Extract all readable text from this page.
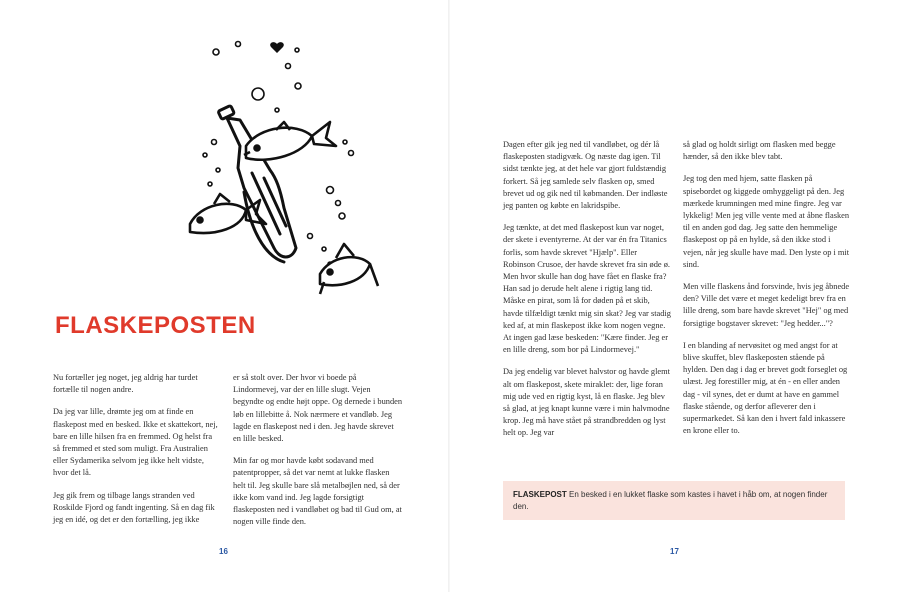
FLASKEPOSTEN

Nu fortæller jeg noget, jeg aldrig har turdet fortælle til nogen andre.

Da jeg var lille, drømte jeg om at finde en flaskepost med en besked. Ikke et skattekort, nej, bare en lille hilsen fra en fremmed. Og helst fra så fremmed et sted som muligt. Fra Australien eller Sydamerika selvom jeg ikke helt vidste, hvor det lå.

Jeg gik frem og tilbage langs stranden ved Roskilde Fjord og fandt ingenting. Så en dag fik jeg en idé, og det er den fortælling, jeg ikke

er så stolt over. Der hvor vi boede på Lindormevej, var der en lille slugt. Vejen begyndte og endte højt oppe. Og dernede i bunden løb en lillebitte å. Nok nærmere et vandløb. Jeg lagde en flaskepost ned i den. Jeg havde skrevet en lille besked.

Min far og mor havde købt sodavand med patentpropper, så det var nemt at lukke flasken helt til. Jeg skulle bare slå metalbøjlen ned, så der ikke kom vand ind. Jeg lagde forsigtigt flaskeposten ned i vandløbet og bad til Gud om, at nogen ville finde den.

16

Dagen efter gik jeg ned til vandløbet, og dér lå flaskeposten stadigvæk. Og næste dag igen. Til sidst tænkte jeg, at det hele var gjort fuldstændig forkert. Så jeg samlede selv flasken op, smed brevet ud og gik ned til købmanden. Der indløste jeg panten og købte en lakridspibe.

Jeg tænkte, at det med flaskepost kun var noget, der skete i eventyrerne. At der var én fra Titanics forlis, som havde skrevet "Hjælp". Eller Robinson Crusoe, der havde skrevet fra sin øde ø. Men hvor skulle han dog have fået en flaske fra? Han sad jo derude helt alene i rigtig lang tid. Måske en pirat, som lå for døden på et skib, havde tilfældigt tænkt mig sin skat? Jeg var stadig ked af, at min flaskepost ikke kom nogen vegne. At ingen gad læse beskeden: "Kære finder. Jeg er en lille dreng, som bor på Lindormevej."

Da jeg endelig var blevet halvstor og havde glemt alt om flaskepost, skete miraklet: der, lige foran mig ude ved en rigtig kyst, lå en flaske. Jeg blev så glad, at jeg knapt kunne være i min halvmodne krop. Jeg må have stået på strandbredden og lyst helt op. Jeg var

så glad og holdt sirligt om flasken med begge hænder, så den ikke blev tabt.

Jeg tog den med hjem, satte flasken på spisebordet og kiggede omhyggeligt på den. Jeg mærkede krumningen med mine fingre. Jeg var lykkelig! Men jeg ville vente med at åbne flasken til en anden god dag. Jeg satte den hemmelige flaskepost op på en hylde, så den ikke stod i vejen, når jeg skulle have mad. Den lyste op i mit sind.

Men ville flaskens ånd forsvinde, hvis jeg åbnede den? Ville det være et meget kedeligt brev fra en lille dreng, som bare havde skrevet "Hej" og med forsigtige bogstaver skrevet: "Jeg hedder..."?

I en blanding af nervøsitet og med angst for at blive skuffet, blev flaskeposten stående på hylden. Den dag i dag er brevet godt forseglet og ulæst. Jeg forestiller mig, at én - en eller anden dag - vil synes, det er dumt at have en gammel flaske stående, og derfor afleverer den i supermarkedet. Så kan den i hvert fald inkassere en krone eller to.

FLASKEPOST En besked i en lukket flaske som kastes i havet i håb om, at nogen finder den.
17
